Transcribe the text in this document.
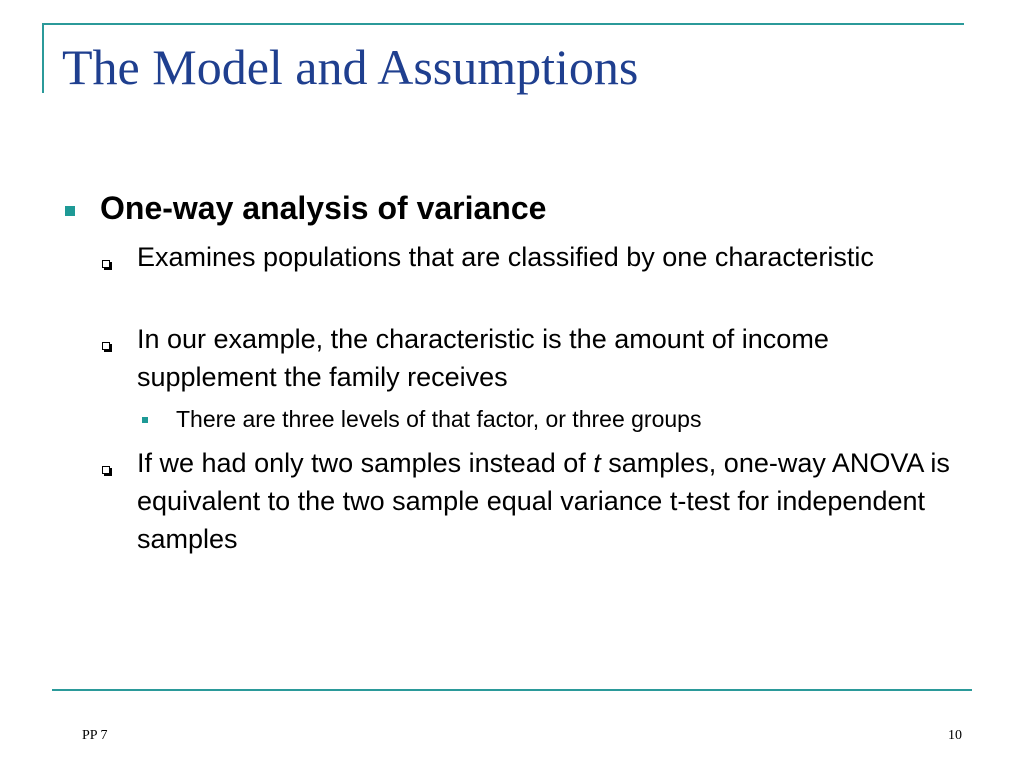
The Model and Assumptions
One-way analysis of variance
Examines populations that are classified by one characteristic
In our example, the characteristic is the amount of income supplement the family receives
There are three levels of that factor, or three groups
If we had only two samples instead of t samples, one-way ANOVA is equivalent to the two sample equal variance t-test for independent samples
PP 7	10
